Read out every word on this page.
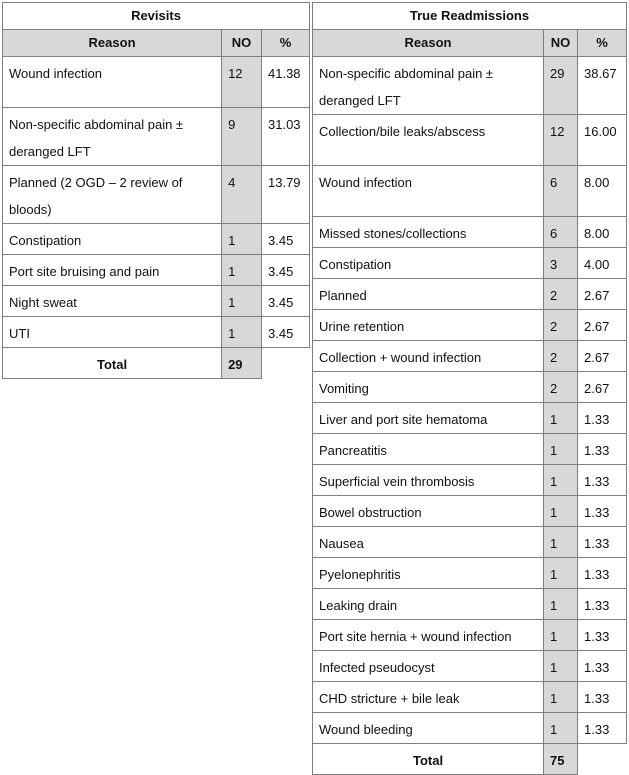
Revisits		
Reason	NO	%
Wound infection	12	41.38
Non-specific abdominal pain ± deranged LFT	9	31.03
Planned (2 OGD – 2 review of bloods)	4	13.79
Constipation	1	3.45
Port site bruising and pain	1	3.45
Night sweat	1	3.45
UTI	1	3.45
Total	29	
True Readmissions		
Reason	NO	%
Non-specific abdominal pain ± deranged LFT	29	38.67
Collection/bile leaks/abscess	12	16.00
Wound infection	6	8.00
Missed stones/collections	6	8.00
Constipation	3	4.00
Planned	2	2.67
Urine retention	2	2.67
Collection + wound infection	2	2.67
Vomiting	2	2.67
Liver and port site hematoma	1	1.33
Pancreatitis	1	1.33
Superficial vein thrombosis	1	1.33
Bowel obstruction	1	1.33
Nausea	1	1.33
Pyelonephritis	1	1.33
Leaking drain	1	1.33
Port site hernia + wound infection	1	1.33
Infected pseudocyst	1	1.33
CHD stricture + bile leak	1	1.33
Wound bleeding	1	1.33
Total	75	
